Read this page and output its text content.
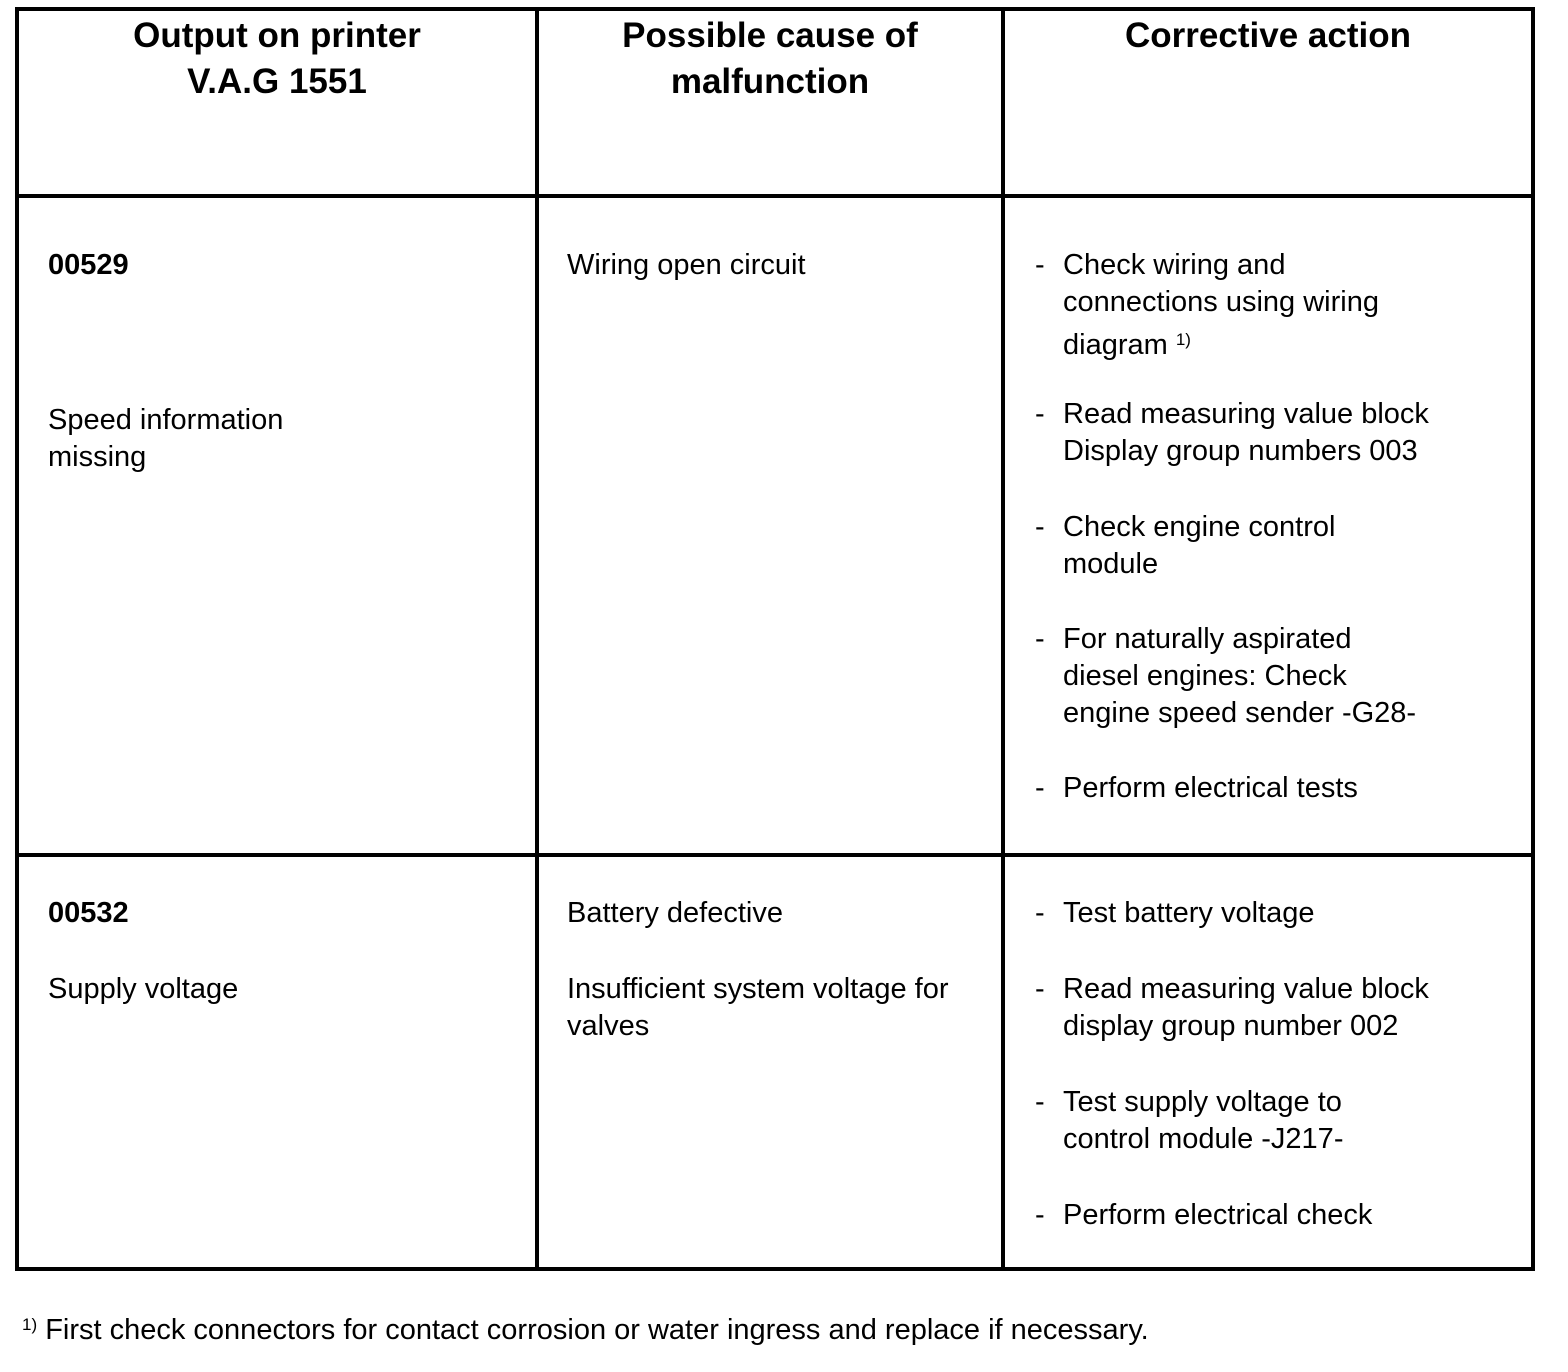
Output on printer
V.A.G 1551
Possible cause of
malfunction
Corrective action
00529
Speed information
missing
Wiring open circuit	- Check wiring and
connections using wiring
diagram $^{1)}$
- Read measuring value block
Display group numbers 003
- Check engine control
module
- For naturally aspirated
diesel engines: Check
engine speed sender -G28-
- Perform electrical tests
00532
Supply voltage
Battery defective
Insufficient system voltage for
valves
- Test battery voltage
- Read measuring value block
display group number 002
- Test supply voltage to
control module -J217-
- Perform electrical check
$^{1)}$ First check connectors for contact corrosion or water ingress and replace if necessary.
